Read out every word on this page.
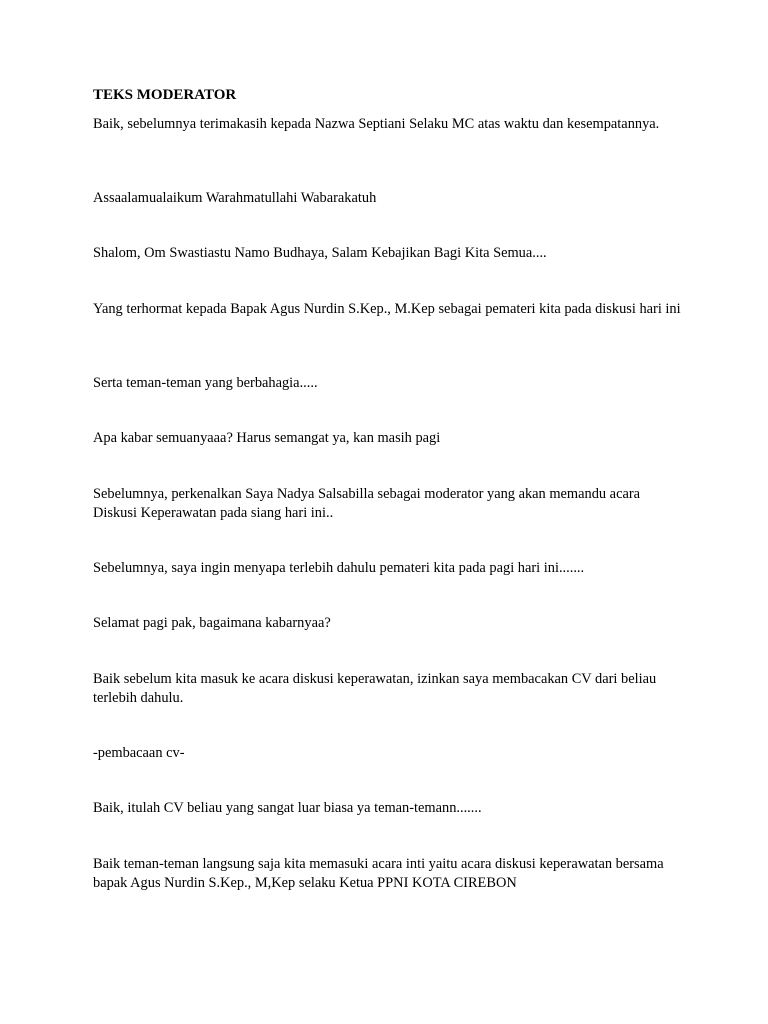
TEKS MODERATOR

Baik, sebelumnya terimakasih kepada Nazwa Septiani Selaku MC atas waktu dan kesempatannya.

Assaalamualaikum Warahmatullahi Wabarakatuh

Shalom, Om Swastiastu Namo Budhaya, Salam Kebajikan Bagi Kita Semua....

Yang terhormat kepada Bapak Agus Nurdin S.Kep., M.Kep sebagai pemateri kita pada diskusi hari ini

Serta teman-teman yang berbahagia.....

Apa kabar semuanyaaa? Harus semangat ya, kan masih pagi

Sebelumnya, perkenalkan Saya Nadya Salsabilla sebagai moderator yang akan memandu acara Diskusi Keperawatan pada siang hari ini..

Sebelumnya, saya ingin menyapa terlebih dahulu pemateri kita pada pagi hari ini.......

Selamat pagi pak, bagaimana kabarnyaa?

Baik sebelum kita masuk ke acara diskusi keperawatan, izinkan saya membacakan CV dari beliau terlebih dahulu.

-pembacaan cv-

Baik, itulah CV beliau yang sangat luar biasa ya teman-temann.......

Baik teman-teman langsung saja kita memasuki acara inti yaitu acara diskusi keperawatan bersama bapak Agus Nurdin S.Kep., M,Kep selaku Ketua PPNI KOTA CIREBON
